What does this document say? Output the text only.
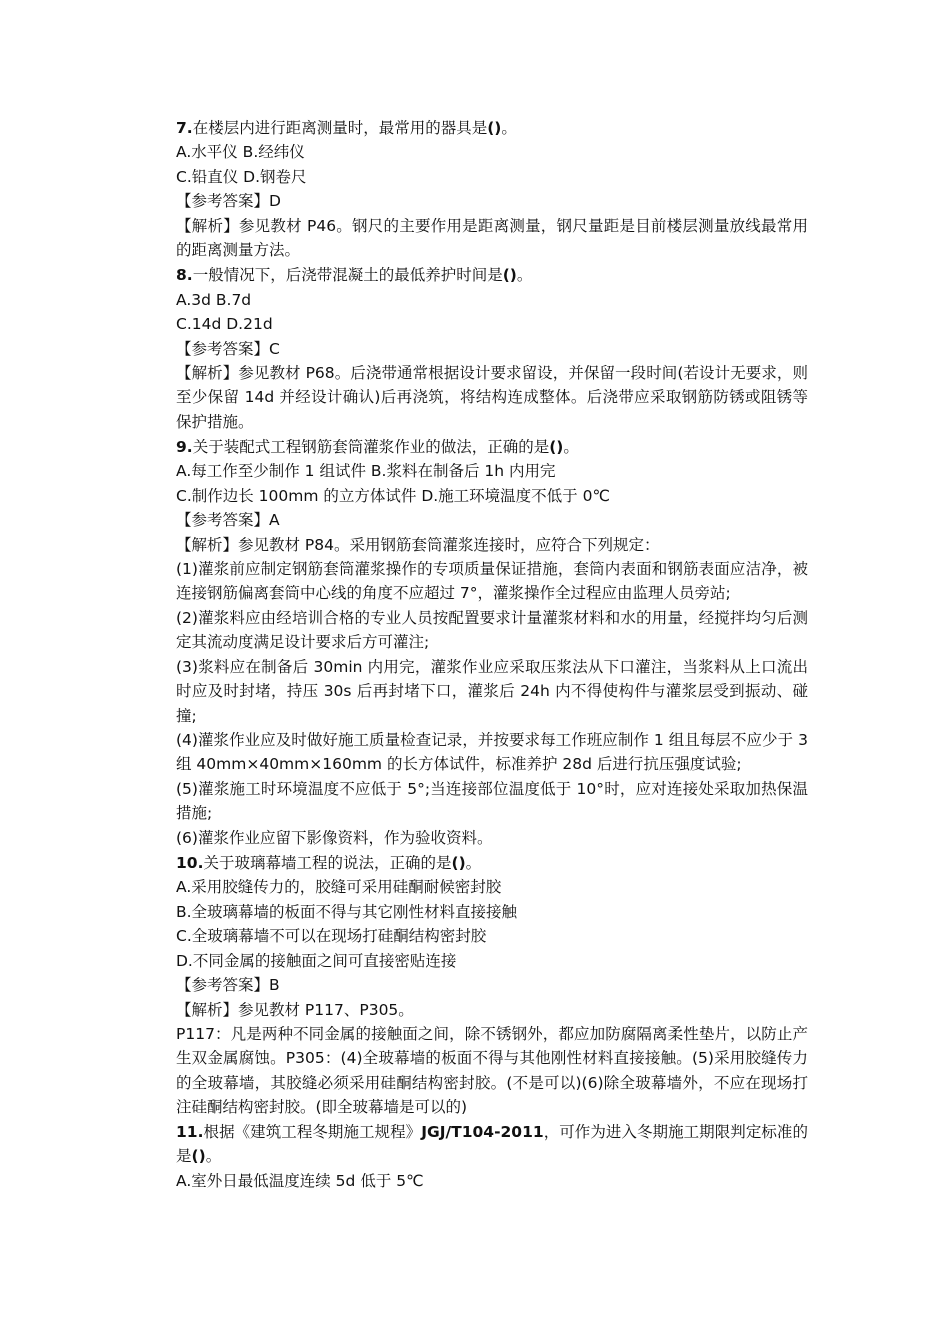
7.在楼层内进行距离测量时，最常用的器具是()。
A.水平仪 B.经纬仪
C.铅直仪 D.钢卷尺
【参考答案】D
【解析】参见教材 P46。钢尺的主要作用是距离测量，钢尺量距是目前楼层测量放线最常用的距离测量方法。
8.一般情况下，后浇带混凝土的最低养护时间是()。
A.3d B.7d
C.14d D.21d
【参考答案】C
【解析】参见教材 P68。后浇带通常根据设计要求留设，并保留一段时间(若设计无要求，则至少保留 14d 并经设计确认)后再浇筑，将结构连成整体。后浇带应采取钢筋防锈或阻锈等保护措施。
9.关于装配式工程钢筋套筒灌浆作业的做法，正确的是()。
A.每工作至少制作 1 组试件 B.浆料在制备后 1h 内用完
C.制作边长 100mm 的立方体试件 D.施工环境温度不低于 0℃
【参考答案】A
【解析】参见教材 P84。采用钢筋套筒灌浆连接时，应符合下列规定：
(1)灌浆前应制定钢筋套筒灌浆操作的专项质量保证措施，套筒内表面和钢筋表面应洁净，被连接钢筋偏离套筒中心线的角度不应超过 7°，灌浆操作全过程应由监理人员旁站;
(2)灌浆料应由经培训合格的专业人员按配置要求计量灌浆材料和水的用量，经搅拌均匀后测定其流动度满足设计要求后方可灌注;
(3)浆料应在制备后 30min 内用完，灌浆作业应采取压浆法从下口灌注，当浆料从上口流出时应及时封堵，持压 30s 后再封堵下口，灌浆后 24h 内不得使构件与灌浆层受到振动、碰撞;
(4)灌浆作业应及时做好施工质量检查记录，并按要求每工作班应制作 1 组且每层不应少于 3 组 40mm×40mm×160mm 的长方体试件，标准养护 28d 后进行抗压强度试验;
(5)灌浆施工时环境温度不应低于 5°;当连接部位温度低于 10°时，应对连接处采取加热保温措施;
(6)灌浆作业应留下影像资料，作为验收资料。
10.关于玻璃幕墙工程的说法，正确的是()。
A.采用胶缝传力的，胶缝可采用硅酮耐候密封胶
B.全玻璃幕墙的板面不得与其它刚性材料直接接触
C.全玻璃幕墙不可以在现场打硅酮结构密封胶
D.不同金属的接触面之间可直接密贴连接
【参考答案】B
【解析】参见教材 P117、P305。
P117：凡是两种不同金属的接触面之间，除不锈钢外，都应加防腐隔离柔性垫片，以防止产生双金属腐蚀。P305：(4)全玻幕墙的板面不得与其他刚性材料直接接触。(5)采用胶缝传力的全玻幕墙，其胶缝必须采用硅酮结构密封胶。(不是可以)(6)除全玻幕墙外，不应在现场打注硅酮结构密封胶。(即全玻幕墙是可以的)
11.根据《建筑工程冬期施工规程》JGJ/T104-2011，可作为进入冬期施工期限判定标准的是()。
A.室外日最低温度连续 5d 低于 5℃
